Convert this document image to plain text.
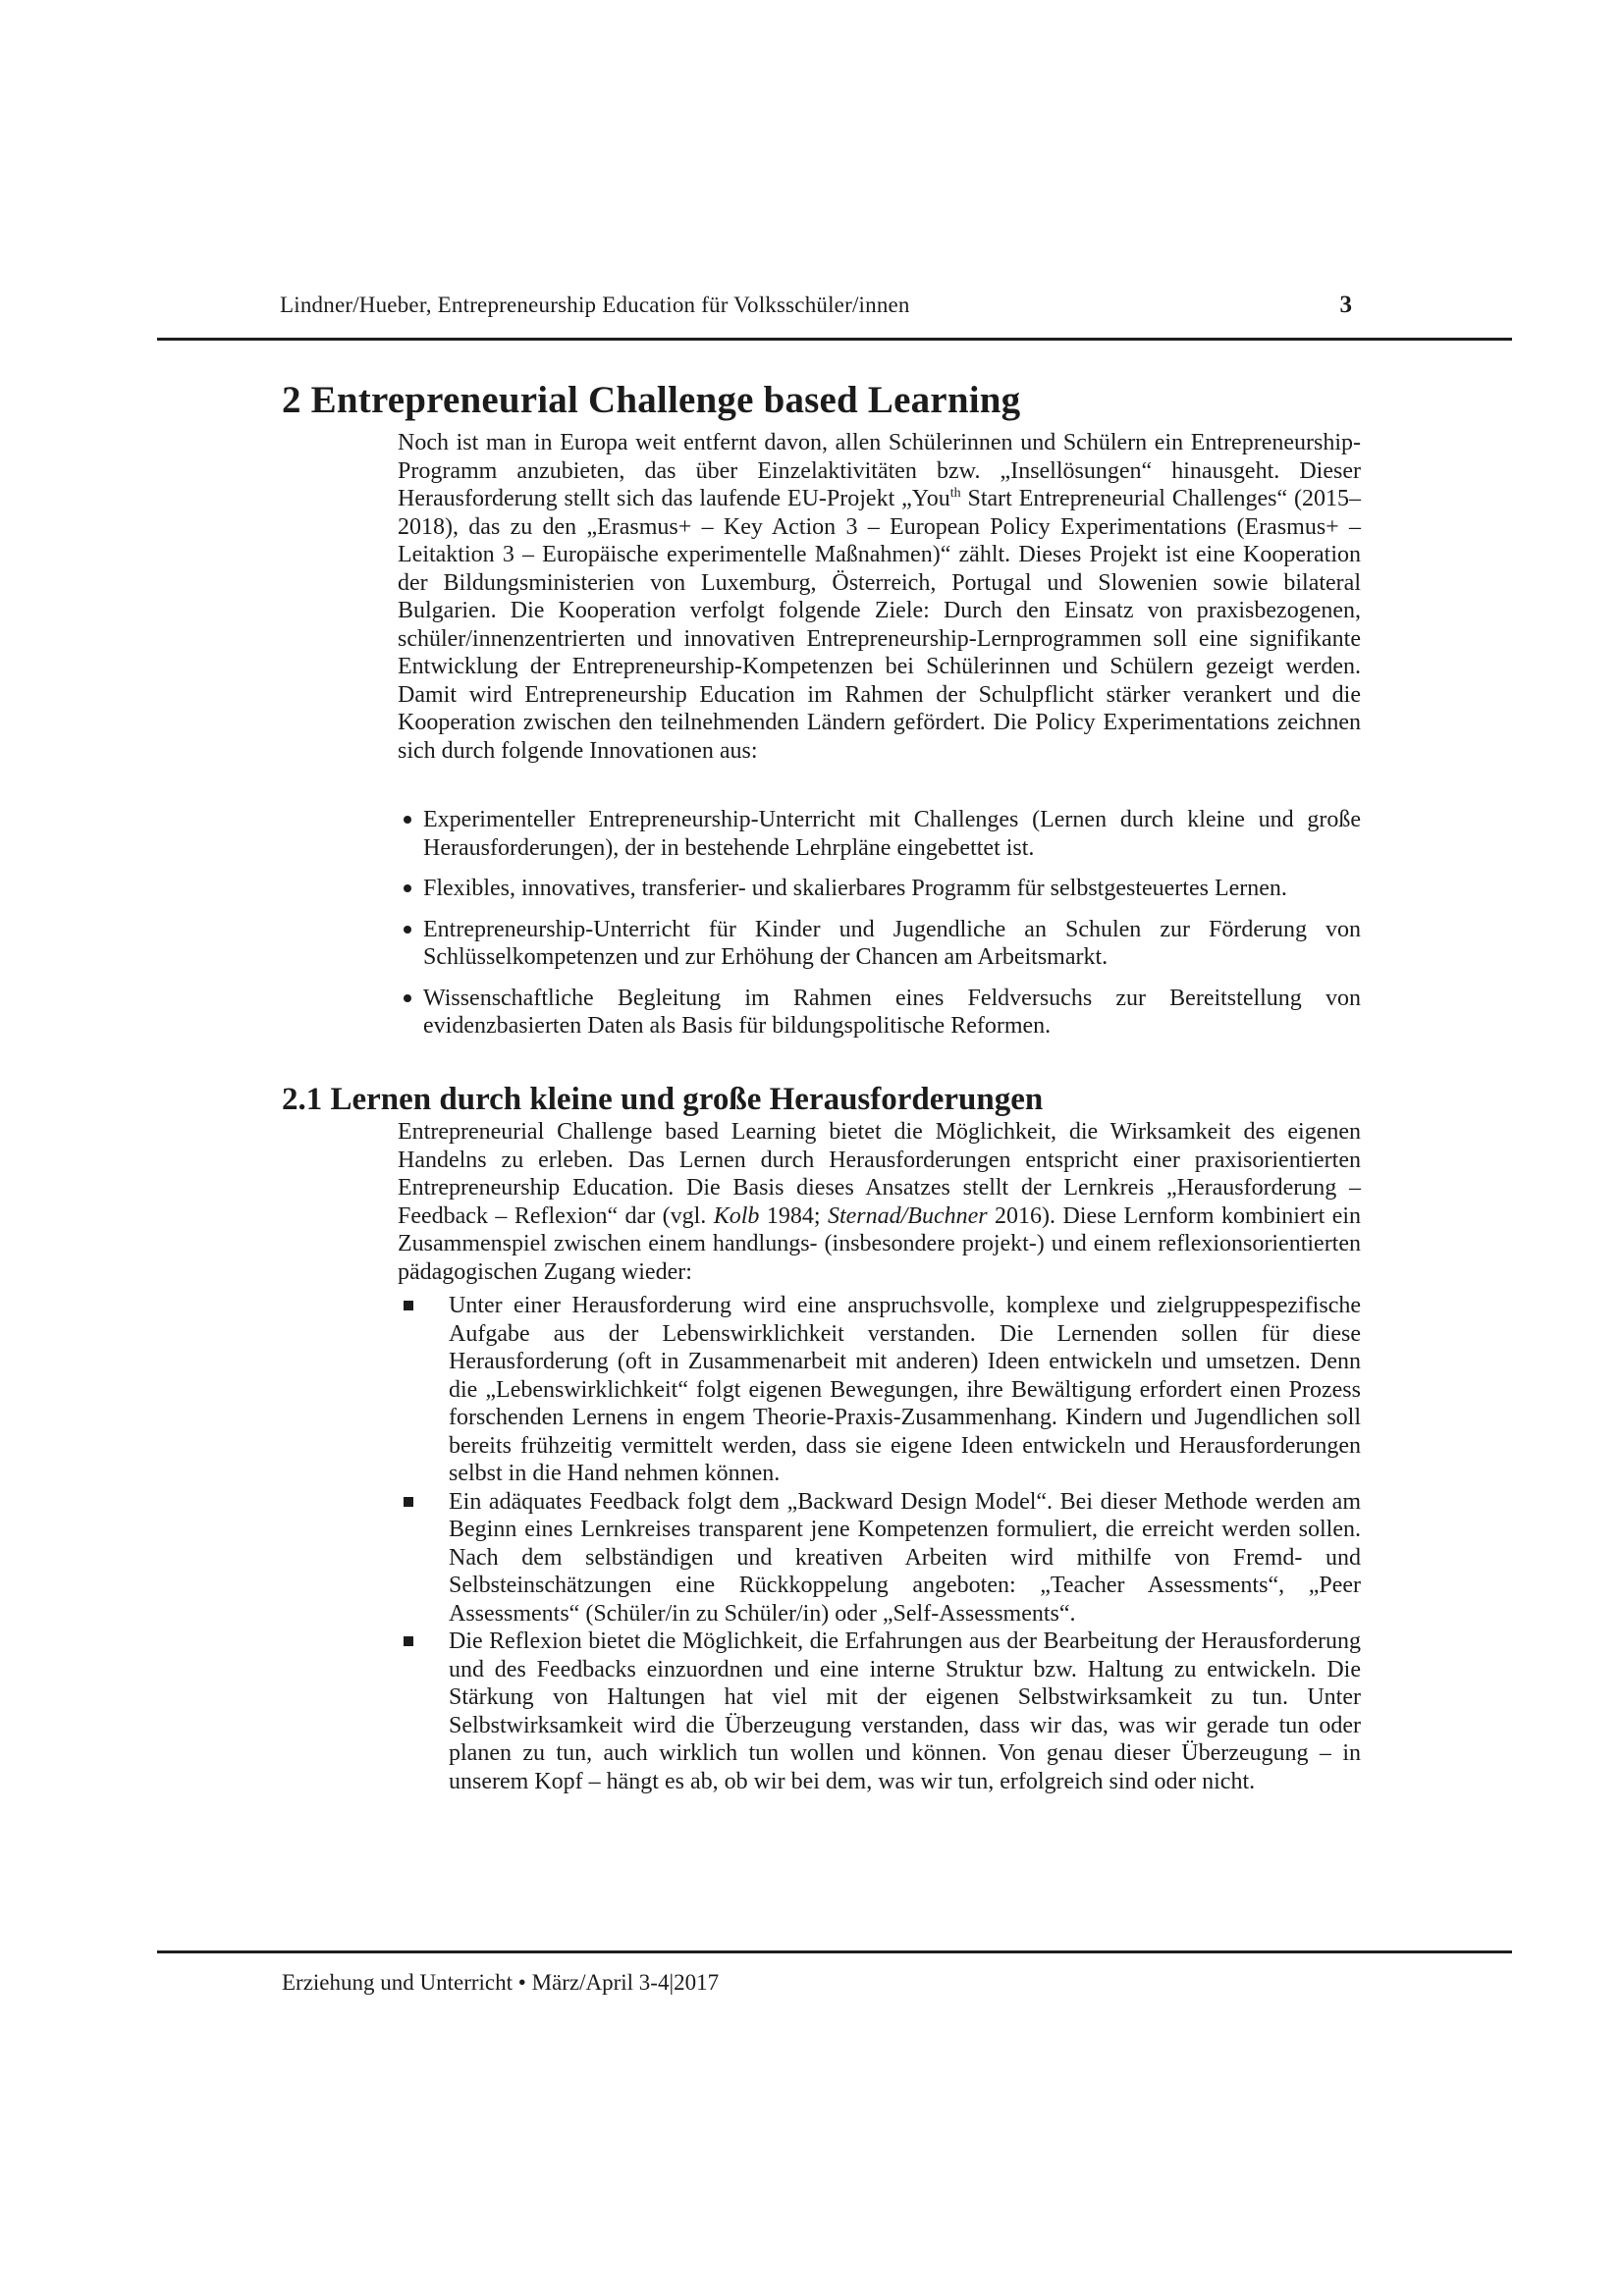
Lindner/Hueber, Entrepreneurship Education für Volksschüler/innen	3
2 Entrepreneurial Challenge based Learning
Noch ist man in Europa weit entfernt davon, allen Schülerinnen und Schülern ein Entrepreneurship-Programm anzubieten, das über Einzelaktivitäten bzw. „Insellösungen“ hinausgeht. Dieser Herausforderung stellt sich das laufende EU-Projekt „You$^{th}$ Start Entrepreneurial Challenges“ (2015–2018), das zu den „Erasmus+ – Key Action 3 – European Policy Experimentations (Erasmus+ – Leitaktion 3 – Europäische experimentelle Maßnahmen)“ zählt. Dieses Projekt ist eine Kooperation der Bildungsministerien von Luxemburg, Österreich, Portugal und Slowenien sowie bilateral Bulgarien. Die Kooperation verfolgt folgende Ziele: Durch den Einsatz von praxisbezogenen, schüler/innenzentrierten und innovativen Entrepreneurship-Lernprogrammen soll eine signifikante Entwicklung der Entrepreneurship-Kompetenzen bei Schülerinnen und Schülern gezeigt werden. Damit wird Entrepreneurship Education im Rahmen der Schulpflicht stärker verankert und die Kooperation zwischen den teilnehmenden Ländern gefördert. Die Policy Experimentations zeichnen sich durch folgende Innovationen aus:
Experimenteller Entrepreneurship-Unterricht mit Challenges (Lernen durch kleine und große Herausforderungen), der in bestehende Lehrpläne eingebettet ist.
Flexibles, innovatives, transferier- und skalierbares Programm für selbstgesteuertes Lernen.
Entrepreneurship-Unterricht für Kinder und Jugendliche an Schulen zur Förderung von Schlüsselkompetenzen und zur Erhöhung der Chancen am Arbeitsmarkt.
Wissenschaftliche Begleitung im Rahmen eines Feldversuchs zur Bereitstellung von evidenzbasierten Daten als Basis für bildungspolitische Reformen.
2.1 Lernen durch kleine und große Herausforderungen
Entrepreneurial Challenge based Learning bietet die Möglichkeit, die Wirksamkeit des eigenen Handelns zu erleben. Das Lernen durch Herausforderungen entspricht einer praxisorientierten Entrepreneurship Education. Die Basis dieses Ansatzes stellt der Lernkreis „Herausforderung – Feedback – Reflexion“ dar (vgl. Kolb 1984; Sternad/Buchner 2016). Diese Lernform kombiniert ein Zusammenspiel zwischen einem handlungs- (insbesondere projekt-) und einem reflexionsorientierten pädagogischen Zugang wieder:
Unter einer Herausforderung wird eine anspruchsvolle, komplexe und zielgruppespezifische Aufgabe aus der Lebenswirklichkeit verstanden. Die Lernenden sollen für diese Herausforderung (oft in Zusammenarbeit mit anderen) Ideen entwickeln und umsetzen. Denn die „Lebenswirklichkeit“ folgt eigenen Bewegungen, ihre Bewältigung erfordert einen Prozess forschenden Lernens in engem Theorie-Praxis-Zusammenhang. Kindern und Jugendlichen soll bereits frühzeitig vermittelt werden, dass sie eigene Ideen entwickeln und Herausforderungen selbst in die Hand nehmen können.
Ein adäquates Feedback folgt dem „Backward Design Model“. Bei dieser Methode werden am Beginn eines Lernkreises transparent jene Kompetenzen formuliert, die erreicht werden sollen. Nach dem selbständigen und kreativen Arbeiten wird mithilfe von Fremd- und Selbsteinschätzungen eine Rückkoppelung angeboten: „Teacher Assessments“, „Peer Assessments“ (Schüler/in zu Schüler/in) oder „Self-Assessments“.
Die Reflexion bietet die Möglichkeit, die Erfahrungen aus der Bearbeitung der Herausforderung und des Feedbacks einzuordnen und eine interne Struktur bzw. Haltung zu entwickeln. Die Stärkung von Haltungen hat viel mit der eigenen Selbstwirksamkeit zu tun. Unter Selbstwirksamkeit wird die Überzeugung verstanden, dass wir das, was wir gerade tun oder planen zu tun, auch wirklich tun wollen und können. Von genau dieser Überzeugung – in unserem Kopf – hängt es ab, ob wir bei dem, was wir tun, erfolgreich sind oder nicht.
Erziehung und Unterricht • März/April 3-4|2017
